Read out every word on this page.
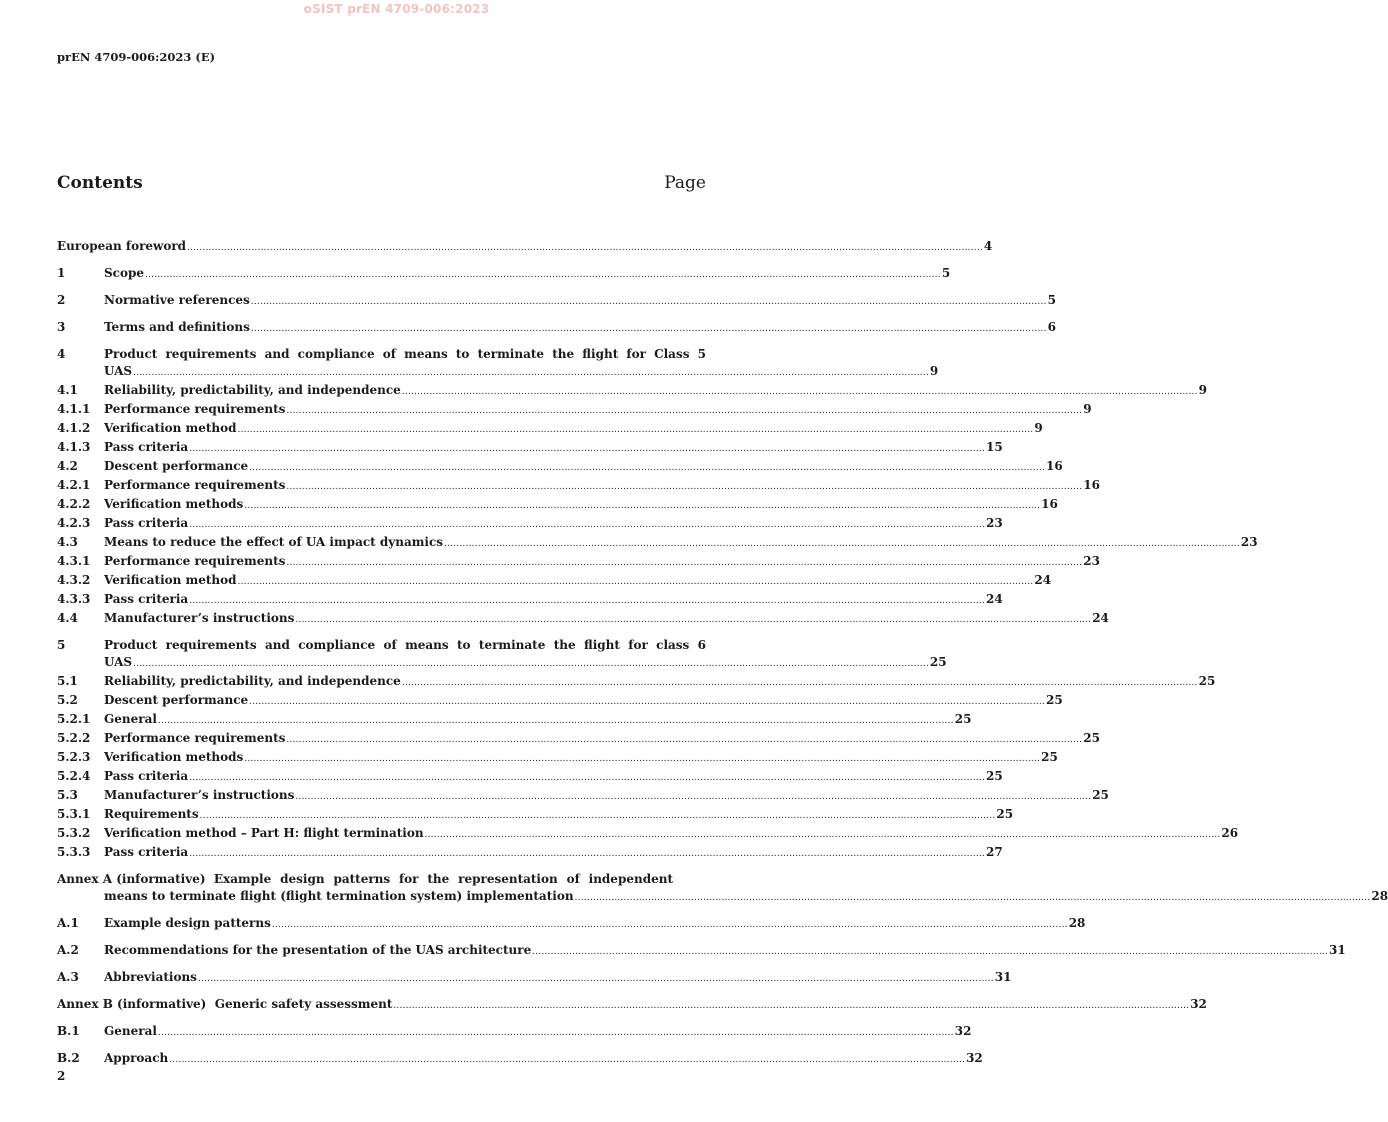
oSIST prEN 4709-006:2023
prEN 4709-006:2023 (E)
Contents	Page
European foreword .................................................................................................................................................................................................................................................................... 4
1	Scope .................................................................................................................................................................................................................................................................... 5
2	Normative references .................................................................................................................................................................................................................................................................... 5
3	Terms and definitions .................................................................................................................................................................................................................................................................... 6
4	Product requirements and compliance of means to terminate the flight for Class 5
UAS .................................................................................................................................................................................................................................................................... 9
4.1	Reliability, predictability, and independence .................................................................................................................................................................................................................................................................... 9
4.1.1	Performance requirements .................................................................................................................................................................................................................................................................... 9
4.1.2	Verification method .................................................................................................................................................................................................................................................................... 9
4.1.3	Pass criteria .................................................................................................................................................................................................................................................................... 15
4.2	Descent performance .................................................................................................................................................................................................................................................................... 16
4.2.1	Performance requirements .................................................................................................................................................................................................................................................................... 16
4.2.2	Verification methods .................................................................................................................................................................................................................................................................... 16
4.2.3	Pass criteria .................................................................................................................................................................................................................................................................... 23
4.3	Means to reduce the effect of UA impact dynamics .................................................................................................................................................................................................................................................................... 23
4.3.1	Performance requirements .................................................................................................................................................................................................................................................................... 23
4.3.2	Verification method .................................................................................................................................................................................................................................................................... 24
4.3.3	Pass criteria .................................................................................................................................................................................................................................................................... 24
4.4	Manufacturer’s instructions .................................................................................................................................................................................................................................................................... 24
5	Product requirements and compliance of means to terminate the flight for class 6
UAS .................................................................................................................................................................................................................................................................... 25
5.1	Reliability, predictability, and independence .................................................................................................................................................................................................................................................................... 25
5.2	Descent performance .................................................................................................................................................................................................................................................................... 25
5.2.1	General .................................................................................................................................................................................................................................................................... 25
5.2.2	Performance requirements .................................................................................................................................................................................................................................................................... 25
5.2.3	Verification methods .................................................................................................................................................................................................................................................................... 25
5.2.4	Pass criteria .................................................................................................................................................................................................................................................................... 25
5.3	Manufacturer’s instructions .................................................................................................................................................................................................................................................................... 25
5.3.1	Requirements .................................................................................................................................................................................................................................................................... 25
5.3.2	Verification method – Part H: flight termination .................................................................................................................................................................................................................................................................... 26
5.3.3	Pass criteria .................................................................................................................................................................................................................................................................... 27
Annex A (informative) Example design patterns for the representation of independent
means to terminate flight (flight termination system) implementation .................................................................................................................................................................................................................................................................... 28
A.1	Example design patterns .................................................................................................................................................................................................................................................................... 28
A.2	Recommendations for the presentation of the UAS architecture .................................................................................................................................................................................................................................................................... 31
A.3	Abbreviations .................................................................................................................................................................................................................................................................... 31
Annex B (informative)  Generic safety assessment .................................................................................................................................................................................................................................................................... 32
B.1	General .................................................................................................................................................................................................................................................................... 32
B.2	Approach .................................................................................................................................................................................................................................................................... 32
2
